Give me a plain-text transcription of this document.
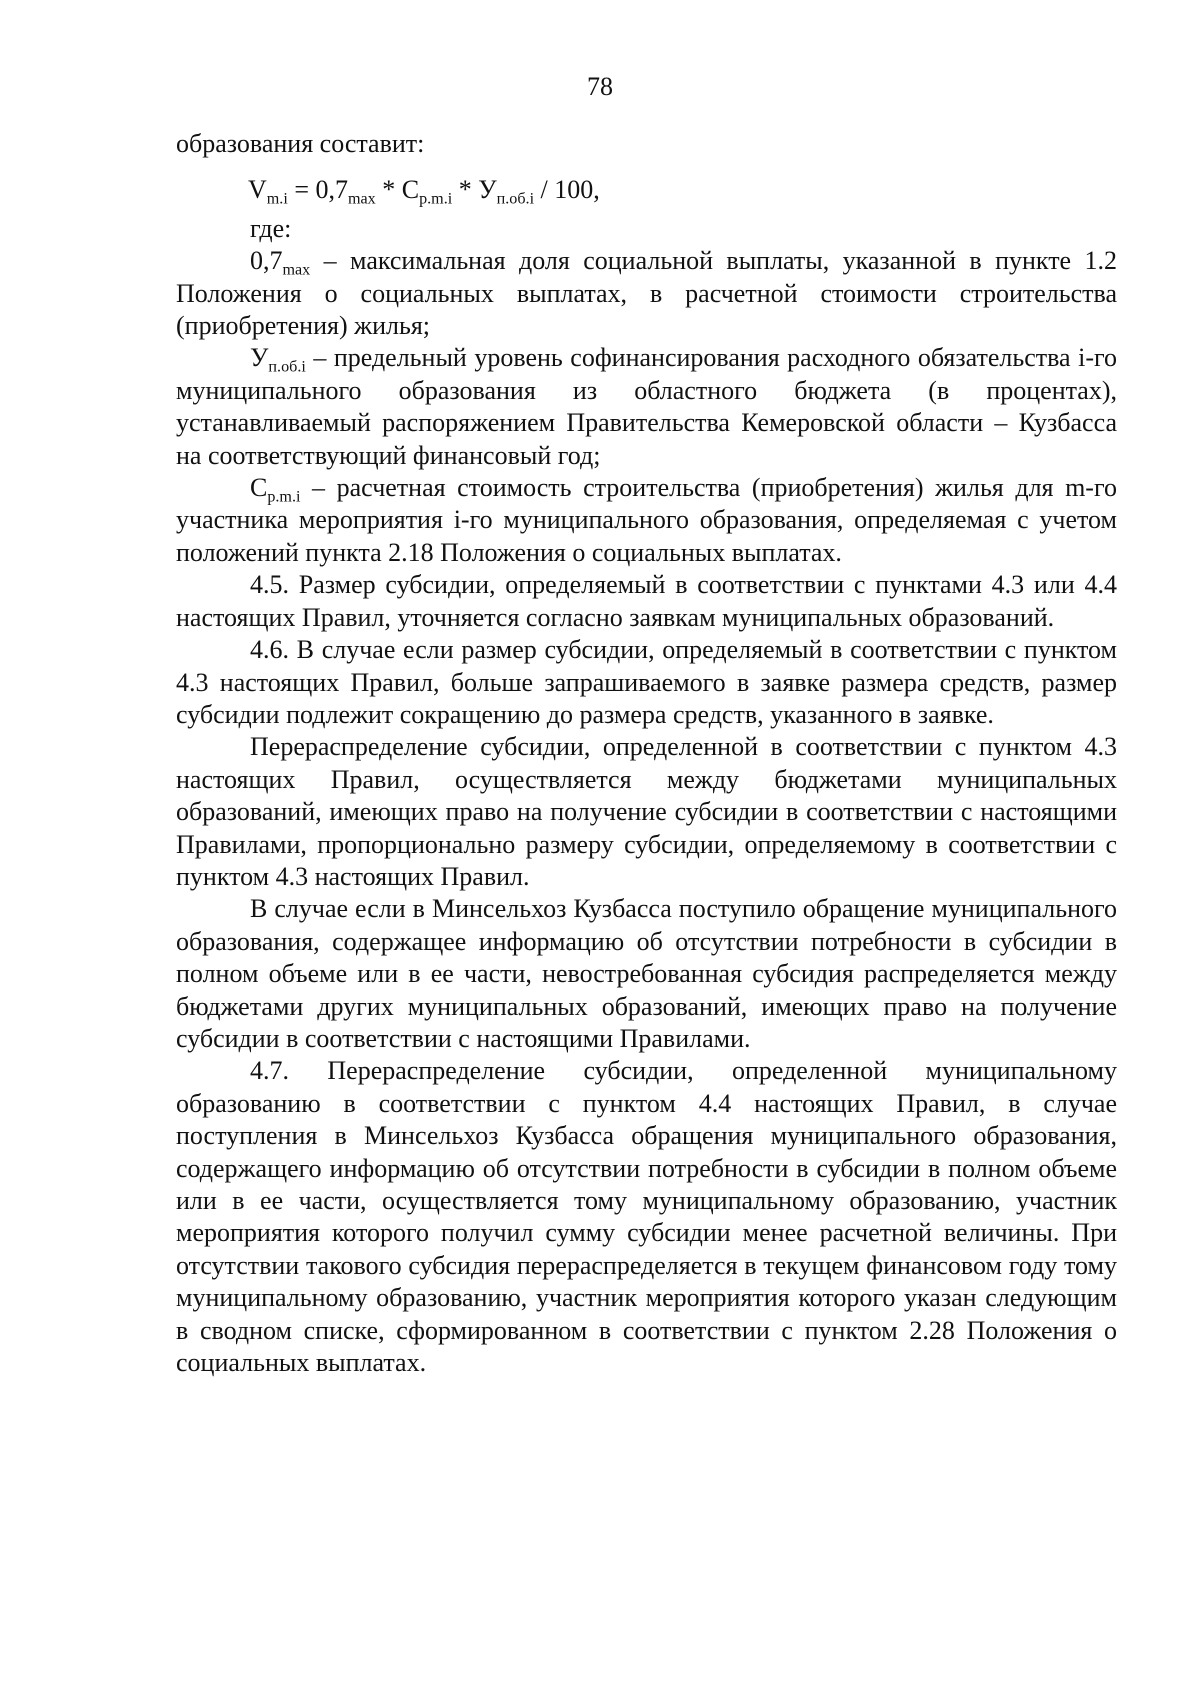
78

образования составит:

$V_{m.i} = 0,7_{max} * C_{p.m.i} * У_{п.об.i} / 100$,

где:

$0,7_{max}$ – максимальная доля социальной выплаты, указанной в пункте 1.2 Положения о социальных выплатах, в расчетной стоимости строительства (приобретения) жилья;

$У_{п.об.i}$ – предельный уровень софинансирования расходного обязательства i-го муниципального образования из областного бюджета (в процентах), устанавливаемый распоряжением Правительства Кемеровской области – Кузбасса на соответствующий финансовый год;

$C_{p.m.i}$ – расчетная стоимость строительства (приобретения) жилья для m-го участника мероприятия i-го муниципального образования, определяемая с учетом положений пункта 2.18 Положения о социальных выплатах.

4.5. Размер субсидии, определяемый в соответствии с пунктами 4.3 или 4.4 настоящих Правил, уточняется согласно заявкам муниципальных образований.

4.6. В случае если размер субсидии, определяемый в соответствии с пунктом 4.3 настоящих Правил, больше запрашиваемого в заявке размера средств, размер субсидии подлежит сокращению до размера средств, указанного в заявке.

Перераспределение субсидии, определенной в соответствии с пунктом 4.3 настоящих Правил, осуществляется между бюджетами муниципальных образований, имеющих право на получение субсидии в соответствии с настоящими Правилами, пропорционально размеру субсидии, определяемому в соответствии с пунктом 4.3 настоящих Правил.

В случае если в Минсельхоз Кузбасса поступило обращение муниципального образования, содержащее информацию об отсутствии потребности в субсидии в полном объеме или в ее части, невостребованная субсидия распределяется между бюджетами других муниципальных образований, имеющих право на получение субсидии в соответствии с настоящими Правилами.

4.7. Перераспределение субсидии, определенной муниципальному образованию в соответствии с пунктом 4.4 настоящих Правил, в случае поступления в Минсельхоз Кузбасса обращения муниципального образования, содержащего информацию об отсутствии потребности в субсидии в полном объеме или в ее части, осуществляется тому муниципальному образованию, участник мероприятия которого получил сумму субсидии менее расчетной величины. При отсутствии такового субсидия перераспределяется в текущем финансовом году тому муниципальному образованию, участник мероприятия которого указан следующим в сводном списке, сформированном в соответствии с пунктом 2.28 Положения о социальных выплатах.
